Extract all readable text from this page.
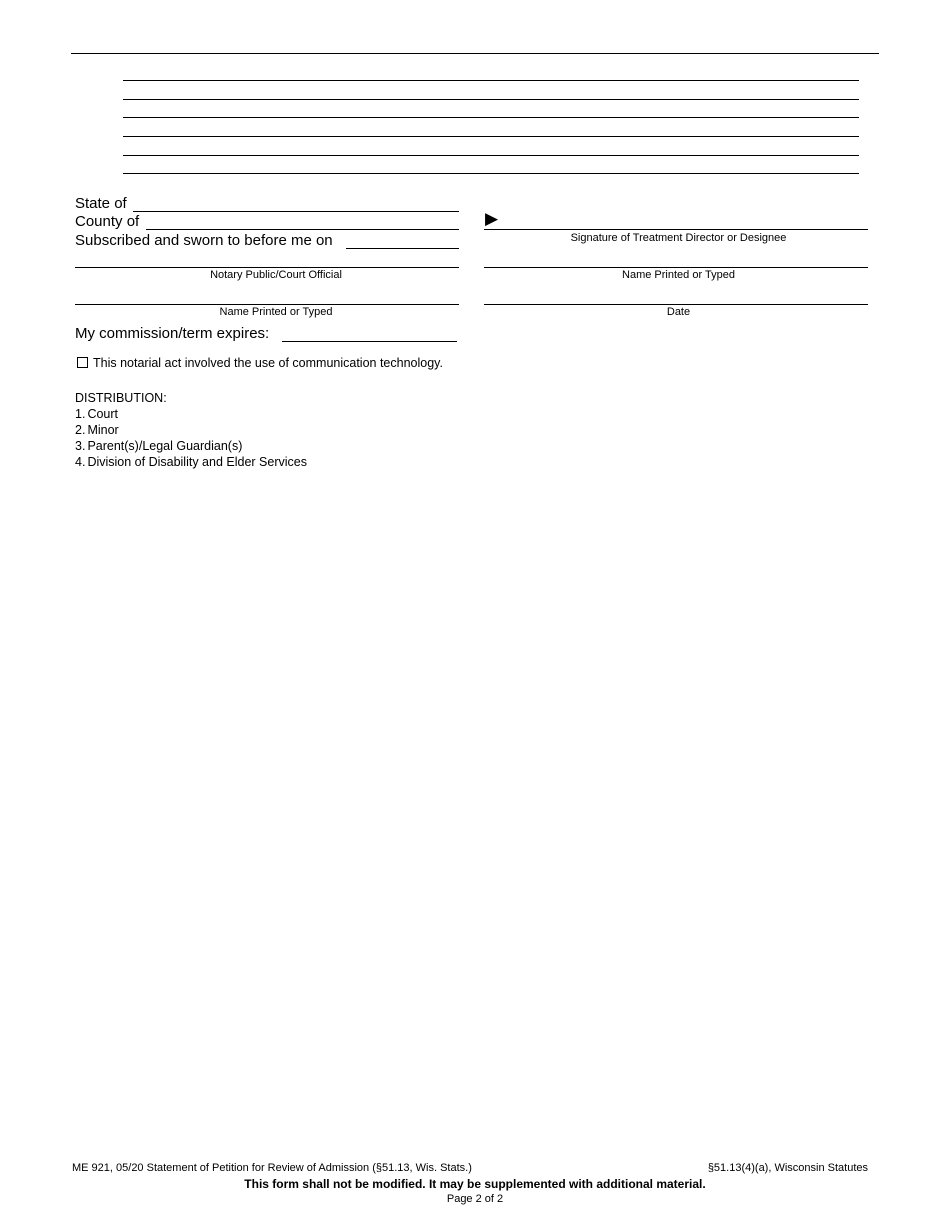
State of
County of
Subscribed and sworn to before me on
Notary Public/Court Official
Name Printed or Typed
My commission/term expires:
This notarial act involved the use of communication technology.
▶
Signature of Treatment Director or Designee
Name Printed or Typed
Date
DISTRIBUTION:
1. Court
2. Minor
3. Parent(s)/Legal Guardian(s)
4. Division of Disability and Elder Services
ME 921, 05/20 Statement of Petition for Review of Admission (§51.13, Wis. Stats.)	§51.13(4)(a), Wisconsin Statutes
This form shall not be modified. It may be supplemented with additional material.
Page 2 of 2
